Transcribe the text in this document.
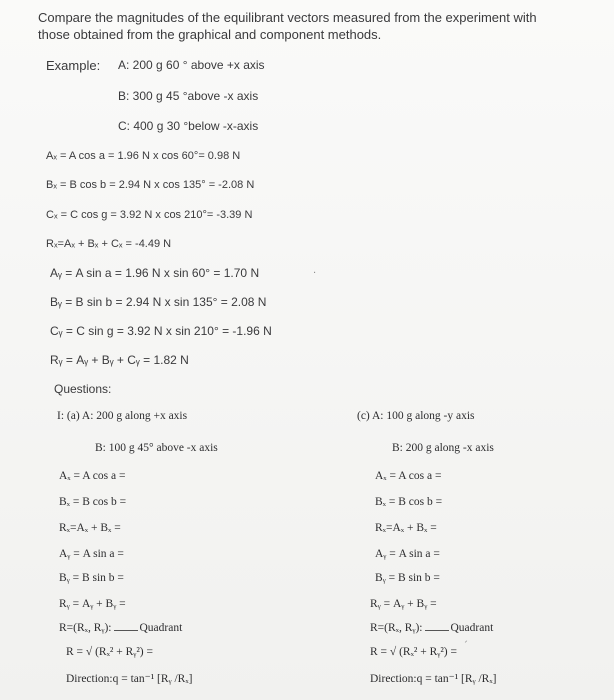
Compare the magnitudes of the equilibrant vectors measured from the experiment with
those obtained from the graphical and component methods.
Example: A: 200 g 60 ° above +x axis
B: 300 g 45 °above -x axis
C: 400 g 30 °below -x-axis
Aₓ = A cos a = 1.96 N x cos 60°= 0.98 N
Bₓ = B cos b = 2.94 N x cos 135° = -2.08 N
Cₓ = C cos g = 3.92 N x cos 210°= -3.39 N
Rₓ=Aₓ + Bₓ + Cₓ = -4.49 N
Aᵧ = A sin a = 1.96 N x sin 60° = 1.70 N
Bᵧ = B sin b = 2.94 N x sin 135° = 2.08 N
Cᵧ = C sin g = 3.92 N x sin 210° = -1.96 N
Rᵧ = Aᵧ + Bᵧ + Cᵧ = 1.82 N
Questions:
I: (a) A: 200 g along +x axis
B: 100 g 45° above -x axis
Aₓ = A cos a =
Bₓ = B cos b =
Rₓ=Aₓ + Bₓ =
Aᵧ = A sin a =
Bᵧ = B sin b =
Rᵧ = Aᵧ + Bᵧ =
R=(Rₓ, Rᵧ): Quadrant
R = √ (Rₓ² + Rᵧ²) =
Direction:q = tan⁻¹ [Rᵧ /Rₓ]
(c) A: 100 g along -y axis
B: 200 g along -x axis
Aₓ = A cos a =
Bₓ = B cos b =
Rₓ=Aₓ + Bₓ =
Aᵧ = A sin a =
Bᵧ = B sin b =
Rᵧ = Aᵧ + Bᵧ =
R=(Rₓ, Rᵧ): Quadrant
R = √ (Rₓ² + Rᵧ²) =
Direction:q = tan⁻¹ [Rᵧ /Rₓ]
·
ˏ
